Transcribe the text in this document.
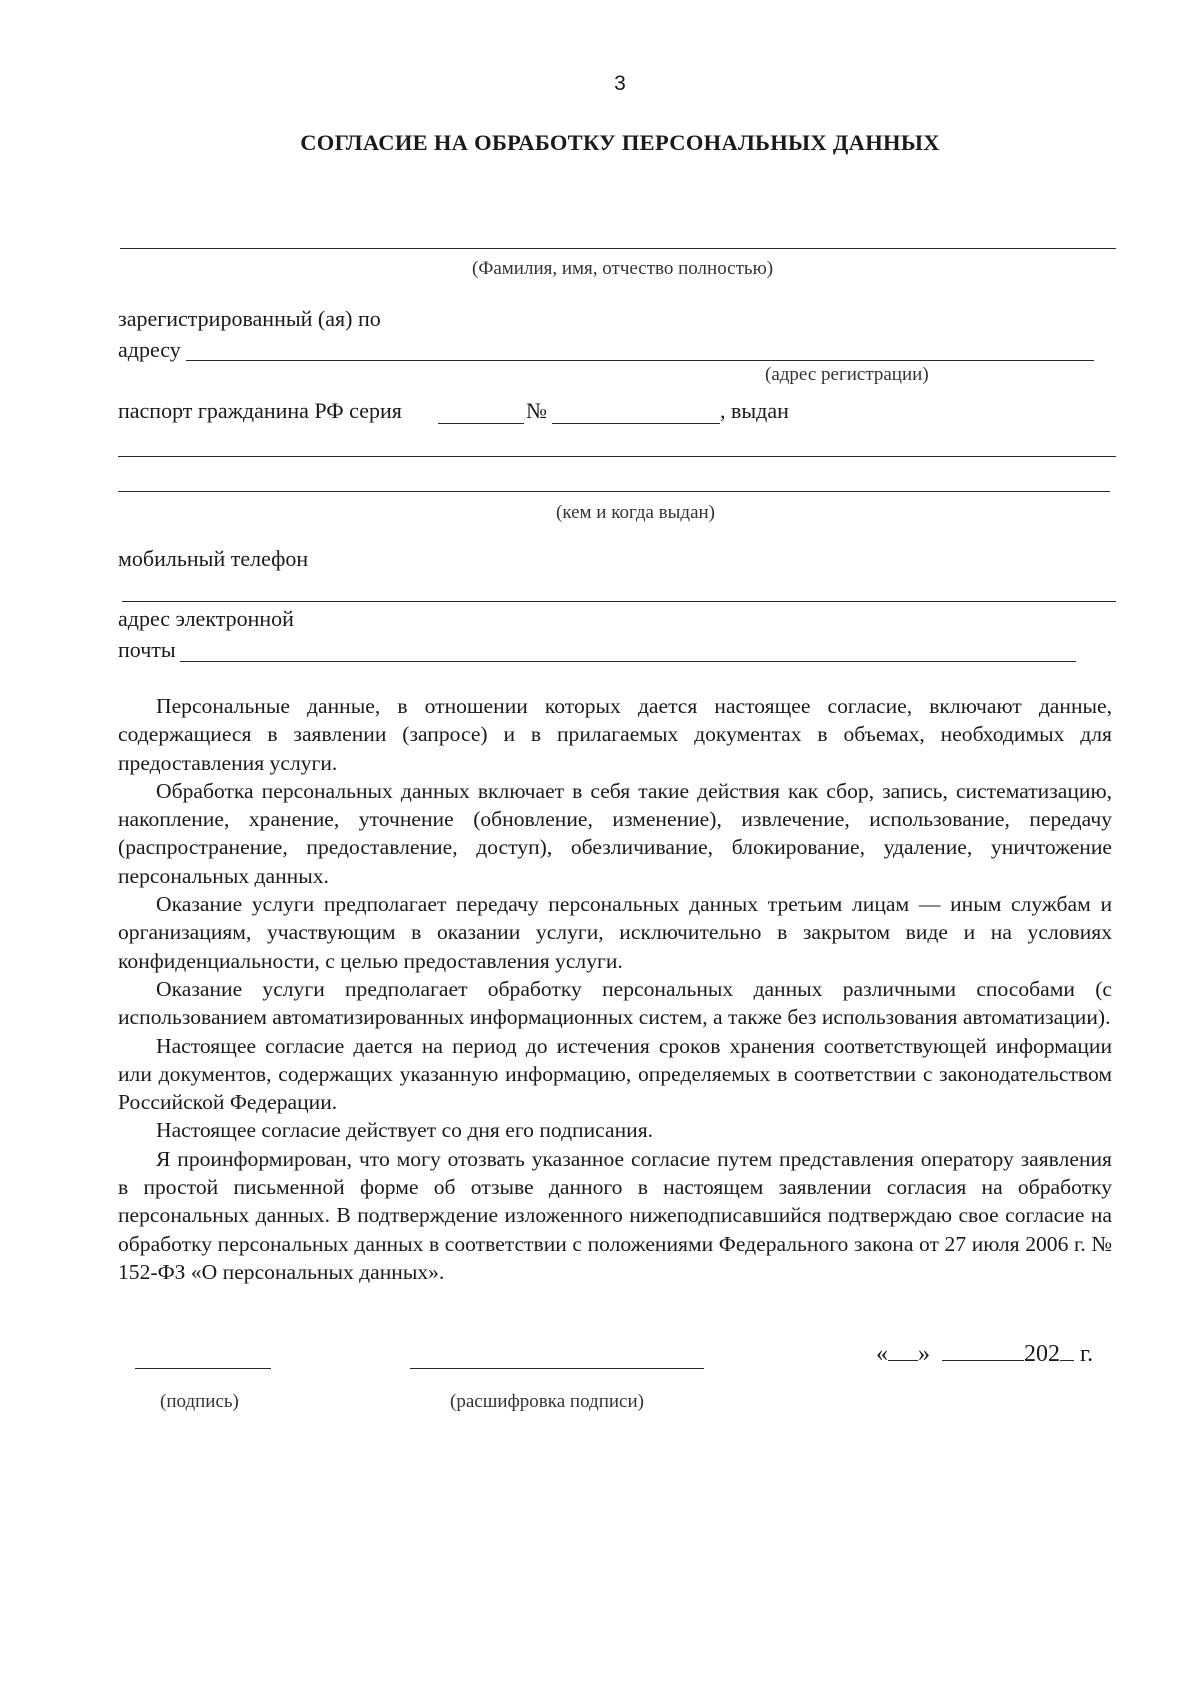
3
СОГЛАСИЕ НА ОБРАБОТКУ ПЕРСОНАЛЬНЫХ ДАННЫХ
(Фамилия, имя, отчество полностью)
зарегистрированный (ая) по
адресу
(адрес регистрации)
паспорт гражданина РФ серия	№	, выдан
(кем и когда выдан)
мобильный телефон
адрес электронной
почты

Персональные данные, в отношении которых дается настоящее согласие, включают данные, содержащиеся в заявлении (запросе) и в прилагаемых документах в объемах, необходимых для предоставления услуги.

Обработка персональных данных включает в себя такие действия как сбор, запись, систематизацию, накопление, хранение, уточнение (обновление, изменение), извлечение, использование, передачу (распространение, предоставление, доступ), обезличивание, блокирование, удаление, уничтожение персональных данных.

Оказание услуги предполагает передачу персональных данных третьим лицам — иным службам и организациям, участвующим в оказании услуги, исключительно в закрытом виде и на условиях конфиденциальности, с целью предоставления услуги.

Оказание услуги предполагает обработку персональных данных различными способами (с использованием автоматизированных информационных систем, а также без использования автоматизации).

Настоящее согласие дается на период до истечения сроков хранения соответствующей информации или документов, содержащих указанную информацию, определяемых в соответствии с законодательством Российской Федерации.

Настоящее согласие действует со дня его подписания.

Я проинформирован, что могу отозвать указанное согласие путем представления оператору заявления в простой письменной форме об отзыве данного в настоящем заявлении согласия на обработку персональных данных. В подтверждение изложенного нижеподписавшийся подтверждаю свое согласие на обработку персональных данных в соответствии с положениями Федерального закона от 27 июля 2006 г. № 152-ФЗ «О персональных данных».

(подпись)	(расшифровка подписи)
« »	202 г.
